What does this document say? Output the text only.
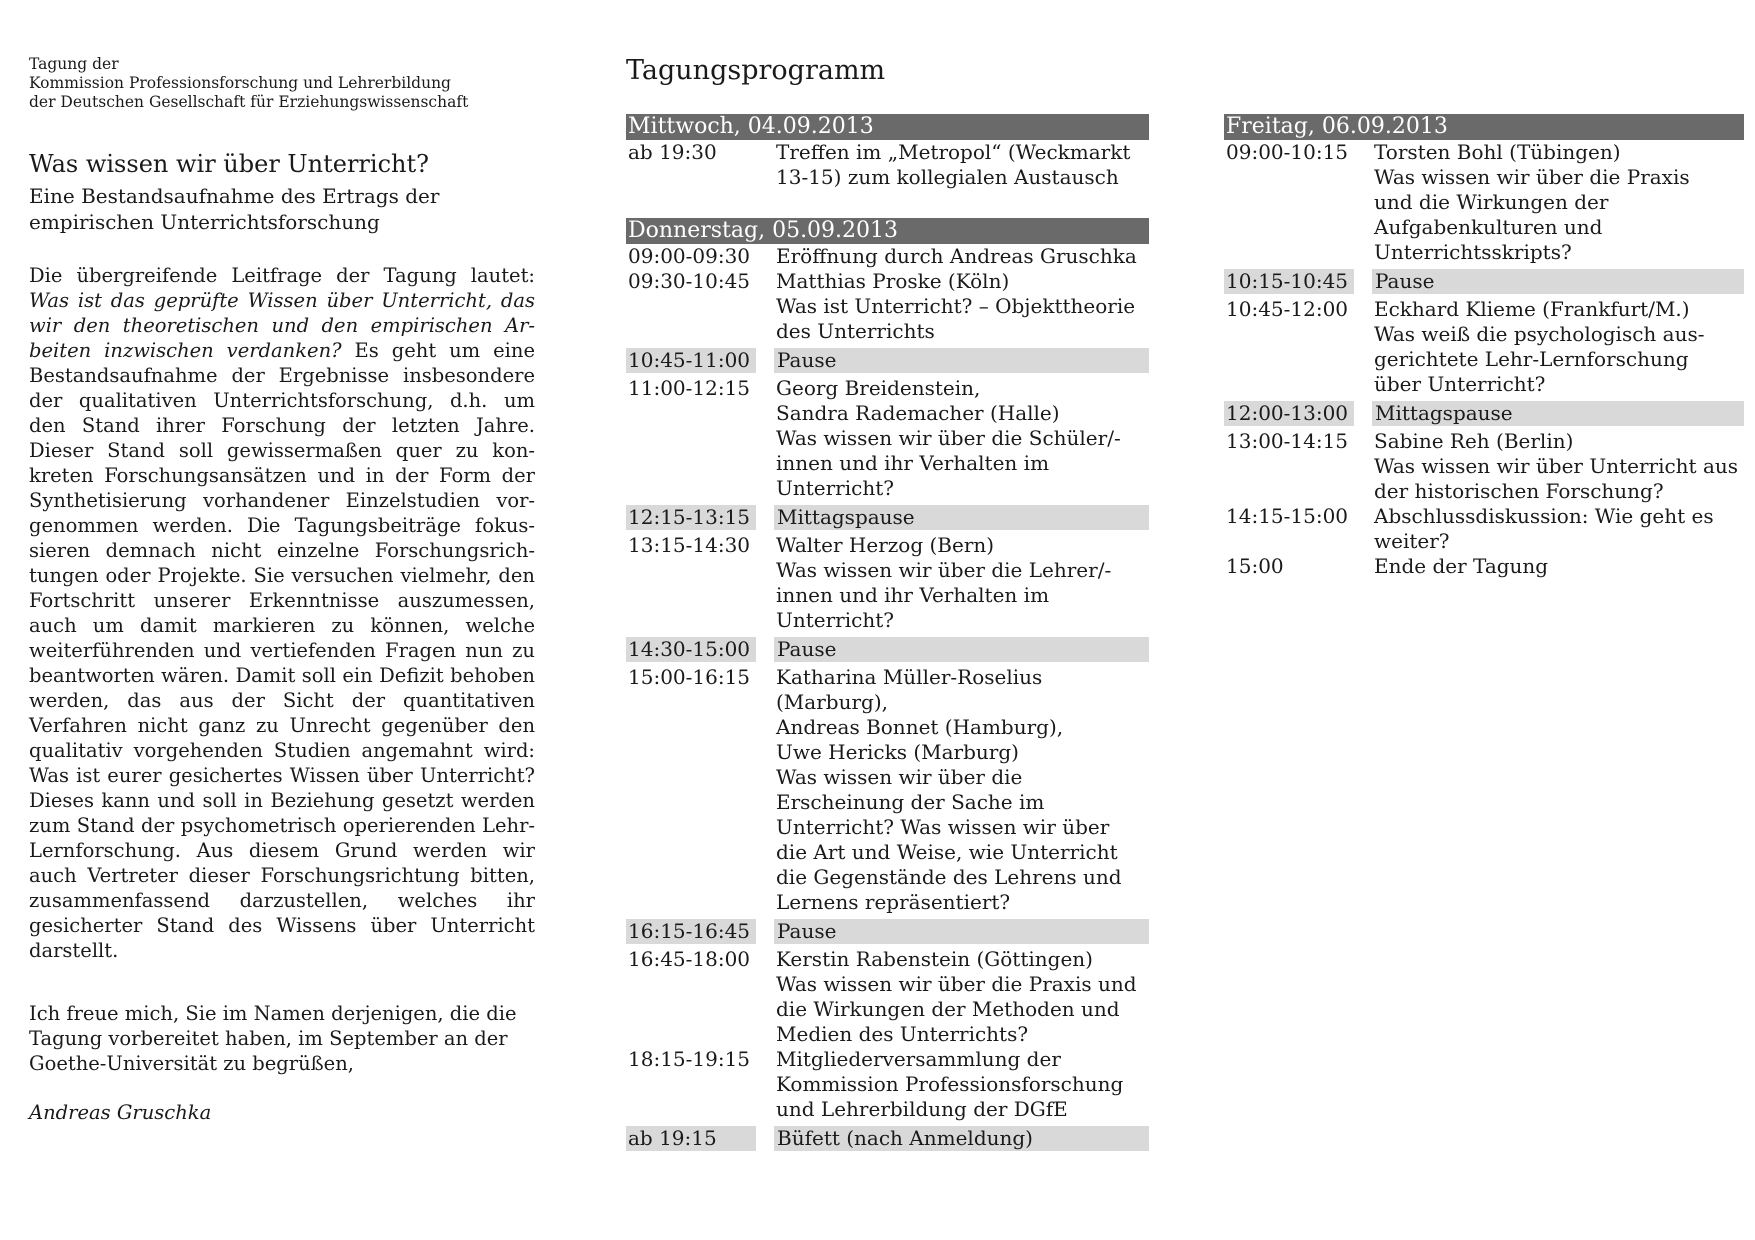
Tagung der
Kommission Professionsforschung und Lehrerbildung
der Deutschen Gesellschaft für Erziehungswissenschaft
Was wissen wir über Unterricht?
Eine Bestandsaufnahme des Ertrags der
empirischen Unterrichtsforschung
Die übergreifende Leitfrage der Tagung lautet: Was ist das geprüfte Wissen über Unterricht, das wir den theoretischen und den empirischen Arbeiten inzwischen verdanken? Es geht um eine Bestandsaufnahme der Ergebnisse insbesondere der qualitativen Unterrichtsforschung, d.h. um den Stand ihrer Forschung der letzten Jahre. Dieser Stand soll gewissermaßen quer zu konkreten Forschungsansätzen und in der Form der Synthetisierung vorhandener Einzelstudien vorgenommen werden. Die Tagungsbeiträge fokussieren demnach nicht einzelne Forschungsrichtungen oder Projekte. Sie versuchen vielmehr, den Fortschritt unserer Erkenntnisse auszumessen, auch um damit markieren zu können, welche weiterführenden und vertiefenden Fragen nun zu beantworten wären. Damit soll ein Defizit behoben werden, das aus der Sicht der quantitativen Verfahren nicht ganz zu Unrecht gegenüber den qualitativ vorgehenden Studien angemahnt wird: Was ist eurer gesichertes Wissen über Unterricht? Dieses kann und soll in Beziehung gesetzt werden zum Stand der psychometrisch operierenden Lehr-Lernforschung. Aus diesem Grund werden wir auch Vertreter dieser Forschungsrichtung bitten, zusammenfassend darzustellen, welches ihr gesicherter Stand des Wissens über Unterricht darstellt.
Ich freue mich, Sie im Namen derjenigen, die die
Tagung vorbereitet haben, im September an der
Goethe-Universität zu begrüßen,
Andreas Gruschka
Tagungsprogramm
Mittwoch, 04.09.2013
ab 19:30	Treffen im „Metropol“ (Weckmarkt
13-15) zum kollegialen Austausch
Donnerstag, 05.09.2013
09:00-09:30	Eröffnung durch Andreas Gruschka
09:30-10:45	Matthias Proske (Köln)
Was ist Unterricht? – Objekttheorie
des Unterrichts
10:45-11:00 Pause
11:00-12:15	Georg Breidenstein,
Sandra Rademacher (Halle)
Was wissen wir über die Schüler/-
innen und ihr Verhalten im
Unterricht?
12:15-13:15 Mittagspause
13:15-14:30	Walter Herzog (Bern)
Was wissen wir über die Lehrer/-
innen und ihr Verhalten im
Unterricht?
14:30-15:00 Pause
15:00-16:15	Katharina Müller-Roselius
(Marburg),
Andreas Bonnet (Hamburg),
Uwe Hericks (Marburg)
Was wissen wir über die
Erscheinung der Sache im
Unterricht? Was wissen wir über
die Art und Weise, wie Unterricht
die Gegenstände des Lehrens und
Lernens repräsentiert?
16:15-16:45 Pause
16:45-18:00	Kerstin Rabenstein (Göttingen)
Was wissen wir über die Praxis und
die Wirkungen der Methoden und
Medien des Unterrichts?
18:15-19:15	Mitgliederversammlung der
Kommission Professionsforschung
und Lehrerbildung der DGfE
ab 19:15	Büfett (nach Anmeldung)
Freitag, 06.09.2013
09:00-10:15	Torsten Bohl (Tübingen)
Was wissen wir über die Praxis
und die Wirkungen der
Aufgabenkulturen und
Unterrichtsskripts?
10:15-10:45 Pause
10:45-12:00	Eckhard Klieme (Frankfurt/M.)
Was weiß die psychologisch aus-
gerichtete Lehr-Lernforschung
über Unterricht?
12:00-13:00 Mittagspause
13:00-14:15	Sabine Reh (Berlin)
Was wissen wir über Unterricht aus
der historischen Forschung?
14:15-15:00	Abschlussdiskussion: Wie geht es
weiter?
15:00	Ende der Tagung
